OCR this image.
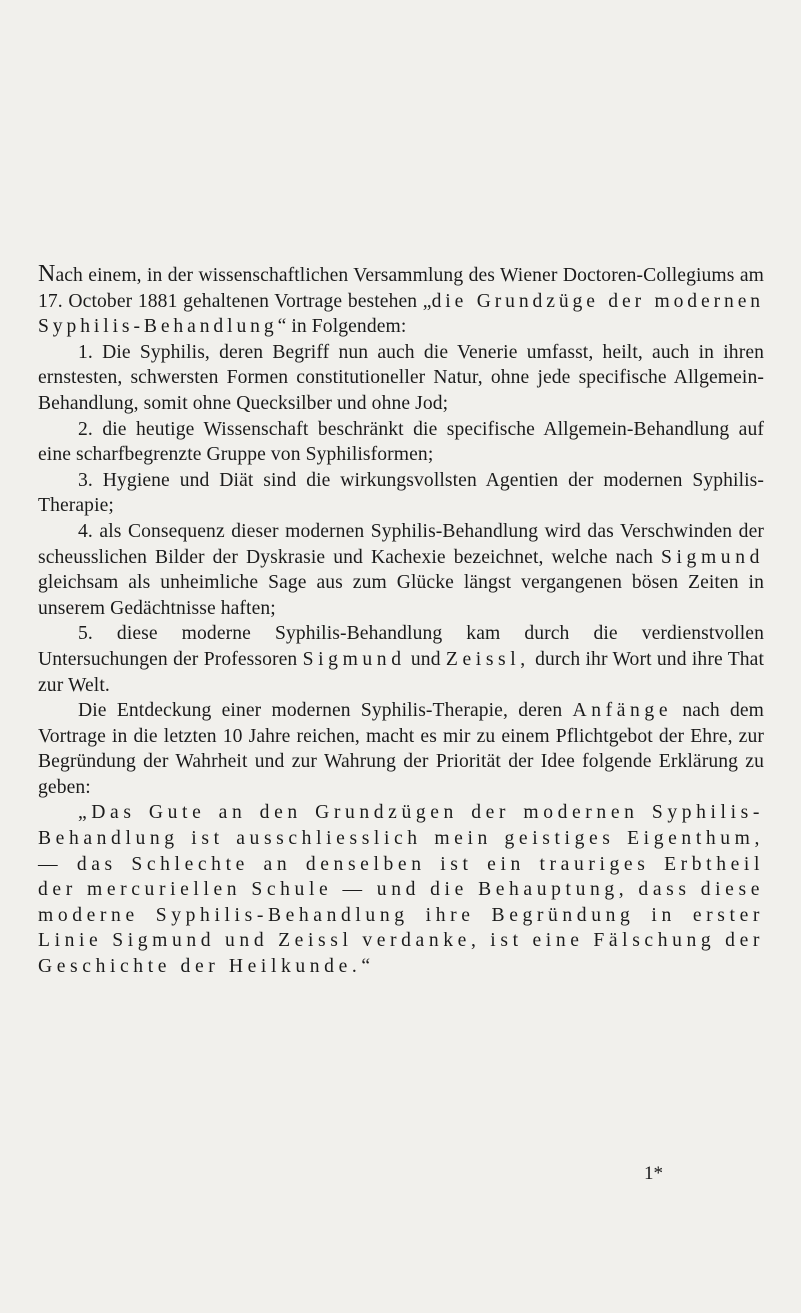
Nach einem, in der wissenschaftlichen Versammlung des Wiener Doctoren-Collegiums am 17. October 1881 gehaltenen Vortrage bestehen „die Grundzüge der modernen Syphilis-Behandlung“ in Folgendem:

1. Die Syphilis, deren Begriff nun auch die Venerie umfasst, heilt, auch in ihren ernstesten, schwersten Formen constitutioneller Natur, ohne jede specifische Allgemein-Behandlung, somit ohne Quecksilber und ohne Jod;

2. die heutige Wissenschaft beschränkt die specifische Allgemein-Behandlung auf eine scharfbegrenzte Gruppe von Syphilisformen;

3. Hygiene und Diät sind die wirkungsvollsten Agentien der modernen Syphilis-Therapie;

4. als Consequenz dieser modernen Syphilis-Behandlung wird das Verschwinden der scheusslichen Bilder der Dyskrasie und Kachexie bezeichnet, welche nach Sigmund gleichsam als unheimliche Sage aus zum Glücke längst vergangenen bösen Zeiten in unserem Gedächtnisse haften;

5. diese moderne Syphilis-Behandlung kam durch die verdienstvollen Untersuchungen der Professoren Sigmund und Zeissl, durch ihr Wort und ihre That zur Welt.

Die Entdeckung einer modernen Syphilis-Therapie, deren Anfänge nach dem Vortrage in die letzten 10 Jahre reichen, macht es mir zu einem Pflichtgebot der Ehre, zur Begründung der Wahrheit und zur Wahrung der Priorität der Idee folgende Erklärung zu geben:

„Das Gute an den Grundzügen der modernen Syphilis-Behandlung ist ausschliesslich mein geistiges Eigenthum, — das Schlechte an denselben ist ein trauriges Erbtheil der mercuriellen Schule — und die Behauptung, dass diese moderne Syphilis-Behandlung ihre Begründung in erster Linie Sigmund und Zeissl verdanke, ist eine Fälschung der Geschichte der Heilkunde.“

1*
